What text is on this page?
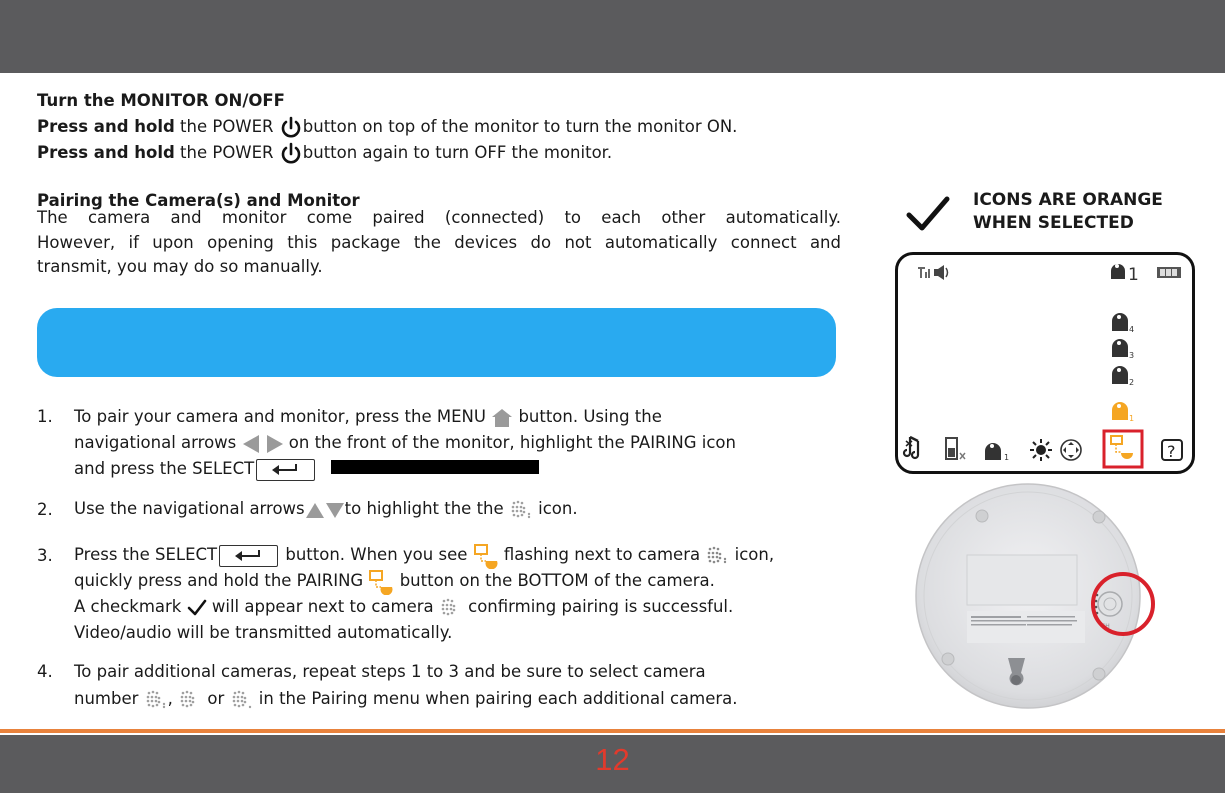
Turn the MONITOR ON/OFF
Press and hold the POWER button on top of the monitor to turn the monitor ON.
Press and hold the POWER button again to turn OFF the monitor.
Pairing the Camera(s) and Monitor
The camera and monitor come paired (connected) to each other automatically.
However, if upon opening this package the devices do not automatically connect and
transmit, you may do so manually.
1. To pair your camera and monitor, press the MENU button. Using the
navigational arrows	on the front of the monitor, highlight the PAIRING icon
and press the SELECT
2. Use the navigational arrows to highlight the the icon.
3. Press the SELECT	button. When you see flashing next to camera icon,
quickly press and hold the PAIRING button on the BOTTOM of the camera.
A checkmark will appear next to camera confirming pairing is successful.
Video/audio will be transmitted automatically.
4. To pair additional cameras, repeat steps 1 to 3 and be sure to select camera
number , or in the Pairing menu when pairing each additional camera.
ICONS ARE ORANGE
WHEN SELECTED
1
4
3
2
1
1	?
CH
12
